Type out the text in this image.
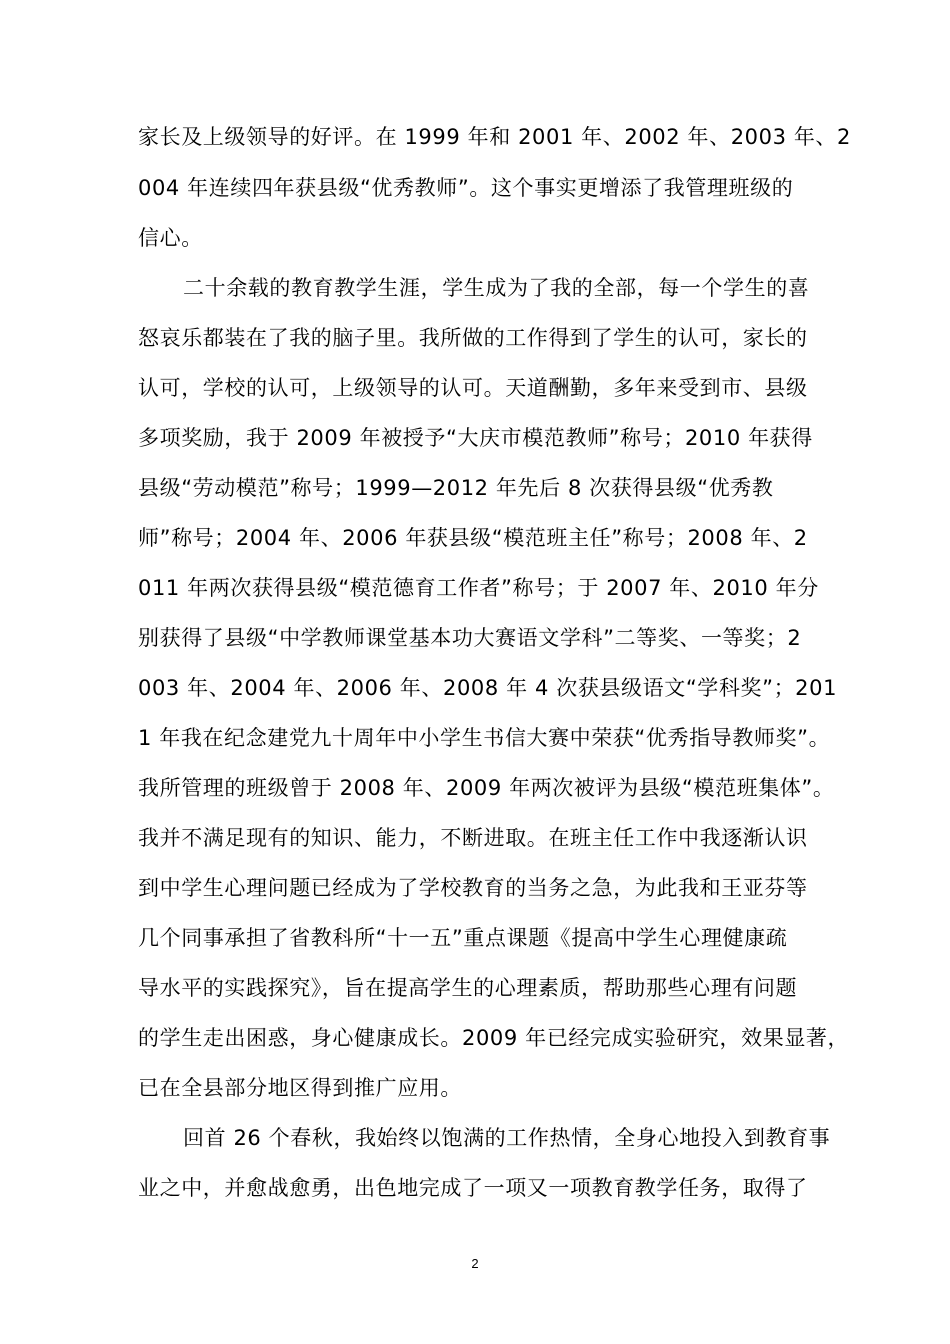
家长及上级领导的好评。在 1999 年和 2001 年、2002 年、2003 年、2
004 年连续四年获县级“优秀教师”。这个事实更增添了我管理班级的
信心。
二十余载的教育教学生涯，学生成为了我的全部，每一个学生的喜
怒哀乐都装在了我的脑子里。我所做的工作得到了学生的认可，家长的
认可，学校的认可，上级领导的认可。天道酬勤，多年来受到市、县级
多项奖励，我于 2009 年被授予“大庆市模范教师”称号；2010 年获得
县级“劳动模范”称号；1999—2012 年先后 8 次获得县级“优秀教
师”称号；2004 年、2006 年获县级“模范班主任”称号；2008 年、2
011 年两次获得县级“模范德育工作者”称号；于 2007 年、2010 年分
别获得了县级“中学教师课堂基本功大赛语文学科”二等奖、一等奖；2
003 年、2004 年、2006 年、2008 年 4 次获县级语文“学科奖”；201
1 年我在纪念建党九十周年中小学生书信大赛中荣获“优秀指导教师奖”。
我所管理的班级曾于 2008 年、2009 年两次被评为县级“模范班集体”。
我并不满足现有的知识、能力，不断进取。在班主任工作中我逐渐认识
到中学生心理问题已经成为了学校教育的当务之急，为此我和王亚芬等
几个同事承担了省教科所“十一五”重点课题《提高中学生心理健康疏
导水平的实践探究》，旨在提高学生的心理素质，帮助那些心理有问题
的学生走出困惑，身心健康成长。2009 年已经完成实验研究，效果显著，
已在全县部分地区得到推广应用。
回首 26 个春秋，我始终以饱满的工作热情，全身心地投入到教育事
业之中，并愈战愈勇，出色地完成了一项又一项教育教学任务，取得了
2
